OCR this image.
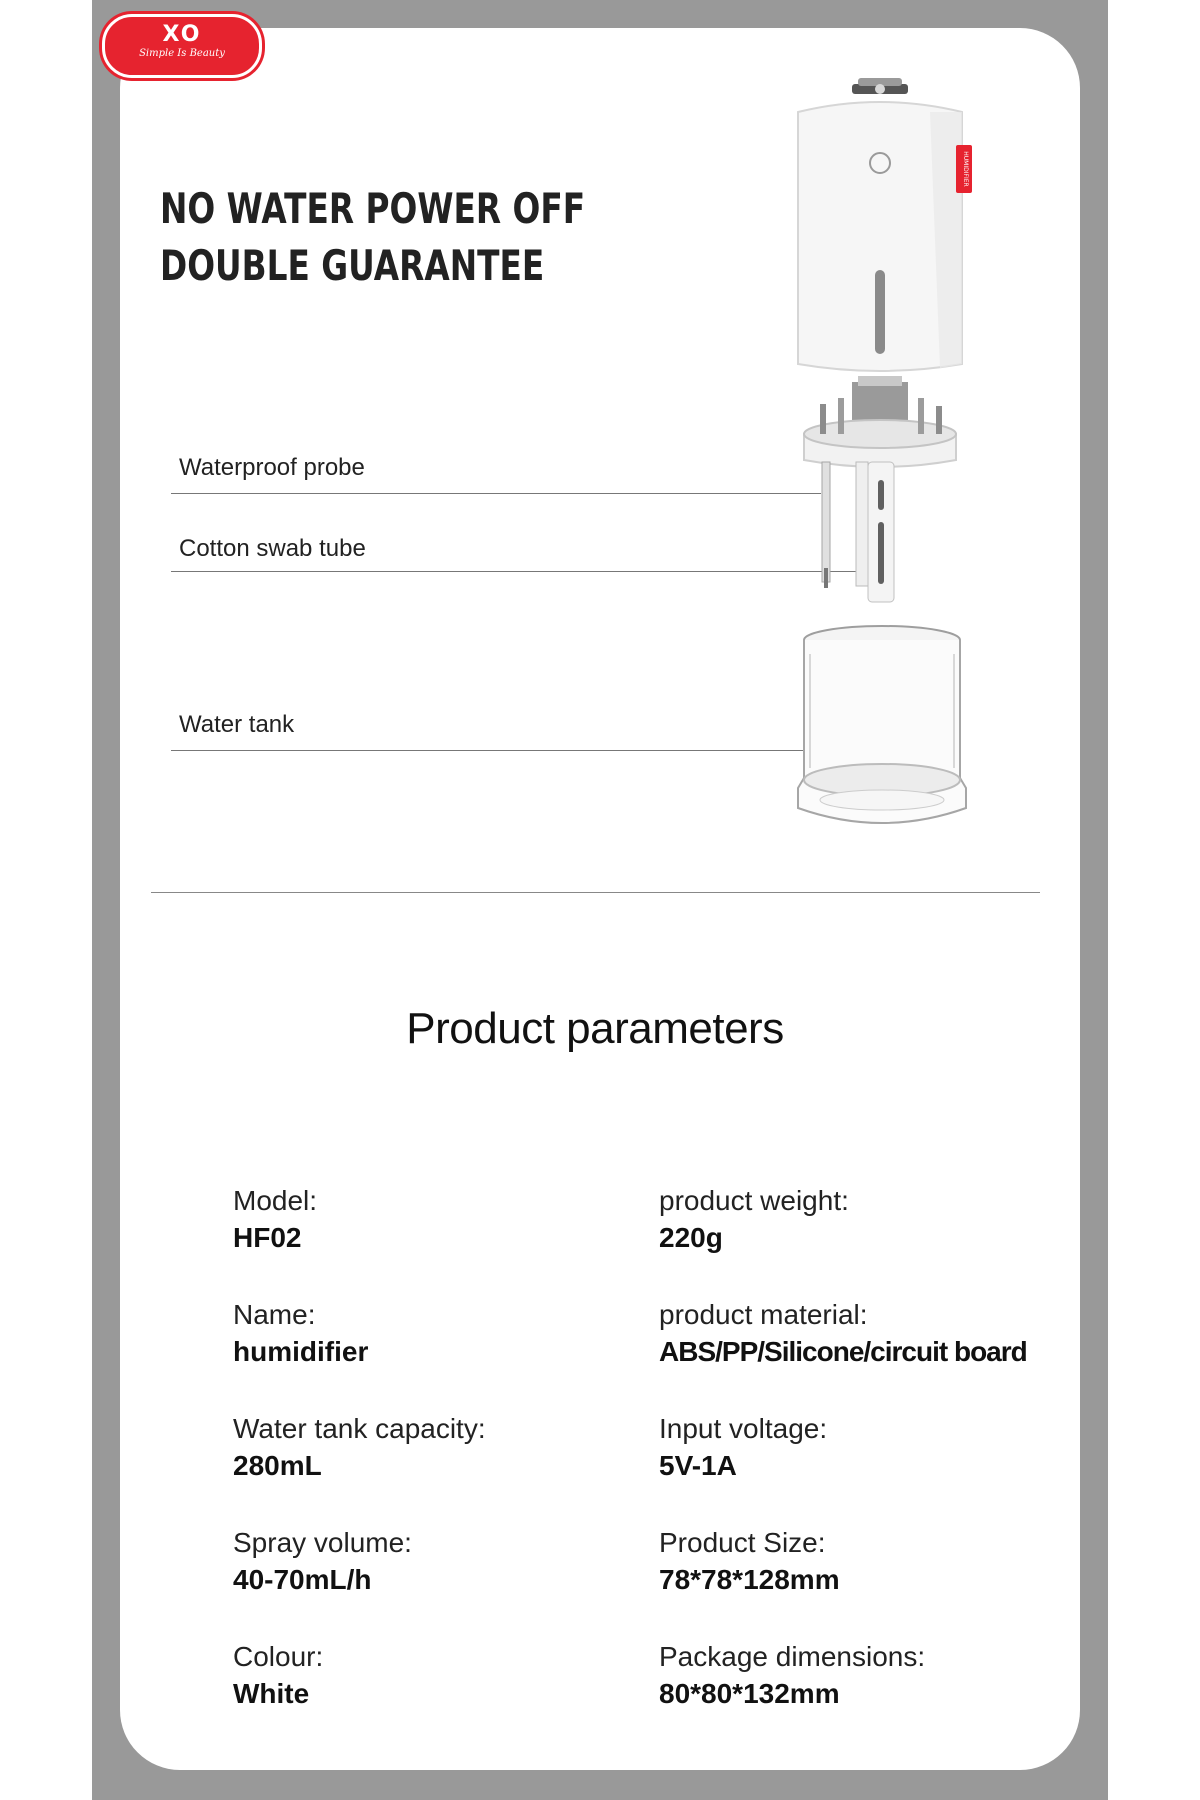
XO
Simple Is Beauty
NO WATER POWER OFF
DOUBLE GUARANTEE
Waterproof probe
Cotton swab tube
Water tank
HUMIDIFIER
Product parameters
Model:
HF02
product weight:
220g
Name:
humidifier
product material:
ABS/PP/Silicone/circuit board
Water tank capacity:
280mL
Input voltage:
5V-1A
Spray volume:
40-70mL/h
Product Size:
78*78*128mm
Colour:
White
Package dimensions:
80*80*132mm
